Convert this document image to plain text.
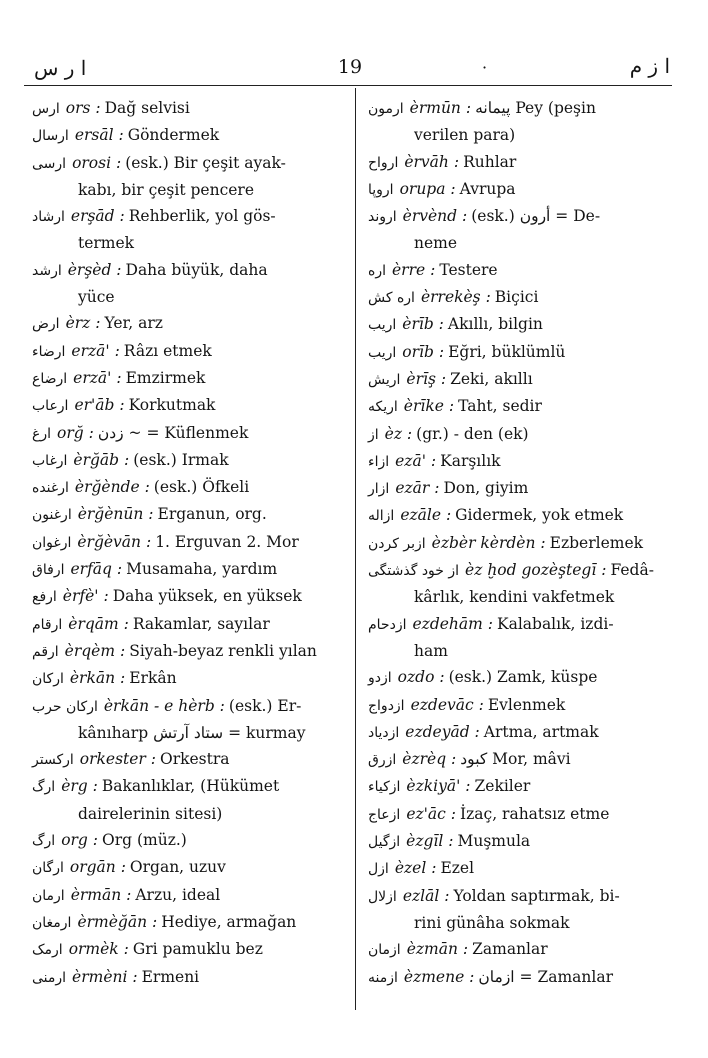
ا ر س	19	·	ا ز م
ارس ors : Dağ selvisi
ارسال ersāl : Göndermek
ارسى orosi : (esk.) Bir çeşit ayak-
kabı, bir çeşit pencere
ارشاد erşād : Rehberlik, yol gös-
termek
ارشد èrşèd : Daha büyük, daha
yüce
ارض èrz : Yer, arz
ارضاء erzā' : Râzı etmek
ارضاع erzā' : Emzirmek
ارعاب er'āb : Korkutmak
ارغ orğ : زدن ~ = Küflenmek
ارغاب èrğāb : (esk.) Irmak
ارغنده èrğènde : (esk.) Öfkeli
ارغنون èrğènūn : Erganun, org.
ارغوان èrğèvān : 1. Erguvan 2. Mor
ارفاق erfāq : Musamaha, yardım
ارفع èrfè' : Daha yüksek, en yüksek
ارقام èrqām : Rakamlar, sayılar
ارقم èrqèm : Siyah-beyaz renkli yılan
اركان èrkān : Erkân
اركان حرب èrkān - e hèrb : (esk.) Er-
kânıharp ستاد آرتش = kurmay
اركستر orkester : Orkestra
ارگ èrg : Bakanlıklar, (Hükümet
dairelerinin sitesi)
ارگ org : Org (müz.)
ارگان orgān : Organ, uzuv
ارمان èrmān : Arzu, ideal
ارمغان èrmèğān : Hediye, armağan
ارمک ormèk : Gri pamuklu bez
ارمنی èrmèni : Ermeni
ارمون èrmūn : پیمانه Pey (peşin
verilen para)
ارواح èrvāh : Ruhlar
اروپا orupa : Avrupa
اروند èrvènd : (esk.) أرون = De-
neme
اره èrre : Testere
اره کش èrrekèş : Biçici
اریب èrīb : Akıllı, bilgin
اریب orīb : Eğri, büklümlü
اریش èrīş : Zeki, akıllı
اریکه èrīke : Taht, sedir
از èz : (gr.) - den (ek)
ازاء ezā' : Karşılık
ازار ezār : Don, giyim
ازاله ezāle : Gidermek, yok etmek
ازبر کردن èzbèr kèrdèn : Ezberlemek
از خود گذشتگی èz ḫod gozèştegī : Fedâ-
kârlık, kendini vakfetmek
ازدحام ezdehām : Kalabalık, izdi-
ham
ازدو ozdo : (esk.) Zamk, küspe
ازدواج ezdevāc : Evlenmek
ازدیاد ezdeyād : Artma, artmak
ازرق èzrèq : کبود Mor, mâvi
ازکیاء èzkiyā' : Zekiler
ازعاج ez'āc : İzaç, rahatsız etme
ازگیل èzgīl : Muşmula
ازل èzel : Ezel
ازلال ezlāl : Yoldan saptırmak, bi-
rini günâha sokmak
ازمان èzmān : Zamanlar
ازمنه èzmene : ازمان = Zamanlar
